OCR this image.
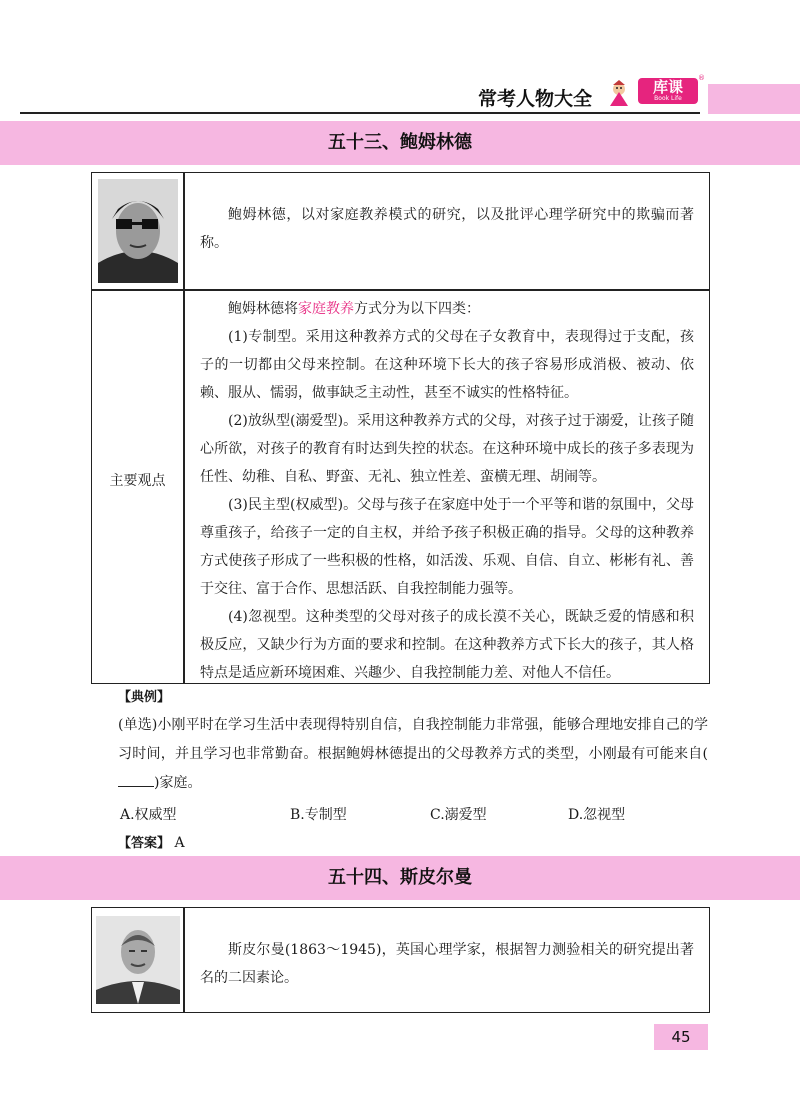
常考人物大全
库课
Book Life
®
五十三、鲍姆林德

鲍姆林德，以对家庭教养模式的研究，以及批评心理学研究中的欺骗而著称。

主要观点

鲍姆林德将家庭教养方式分为以下四类：

(1)专制型。采用这种教养方式的父母在子女教育中，表现得过于支配，孩子的一切都由父母来控制。在这种环境下长大的孩子容易形成消极、被动、依赖、服从、懦弱，做事缺乏主动性，甚至不诚实的性格特征。

(2)放纵型(溺爱型)。采用这种教养方式的父母，对孩子过于溺爱，让孩子随心所欲，对孩子的教育有时达到失控的状态。在这种环境中成长的孩子多表现为任性、幼稚、自私、野蛮、无礼、独立性差、蛮横无理、胡闹等。

(3)民主型(权威型)。父母与孩子在家庭中处于一个平等和谐的氛围中，父母尊重孩子，给孩子一定的自主权，并给予孩子积极正确的指导。父母的这种教养方式使孩子形成了一些积极的性格，如活泼、乐观、自信、自立、彬彬有礼、善于交往、富于合作、思想活跃、自我控制能力强等。

(4)忽视型。这种类型的父母对孩子的成长漠不关心，既缺乏爱的情感和积极反应，又缺少行为方面的要求和控制。在这种教养方式下长大的孩子，其人格特点是适应新环境困难、兴趣少、自我控制能力差、对他人不信任。

【典例】
(单选)小刚平时在学习生活中表现得特别自信，自我控制能力非常强，能够合理地安排自己的学习时间，并且学习也非常勤奋。根据鲍姆林德提出的父母教养方式的类型，小刚最有可能来自()家庭。
A.权威型	B.专制型	C.溺爱型	D.忽视型
【答案】 A
五十四、斯皮尔曼

斯皮尔曼(1863～1945)，英国心理学家，根据智力测验相关的研究提出著名的二因素论。

45
